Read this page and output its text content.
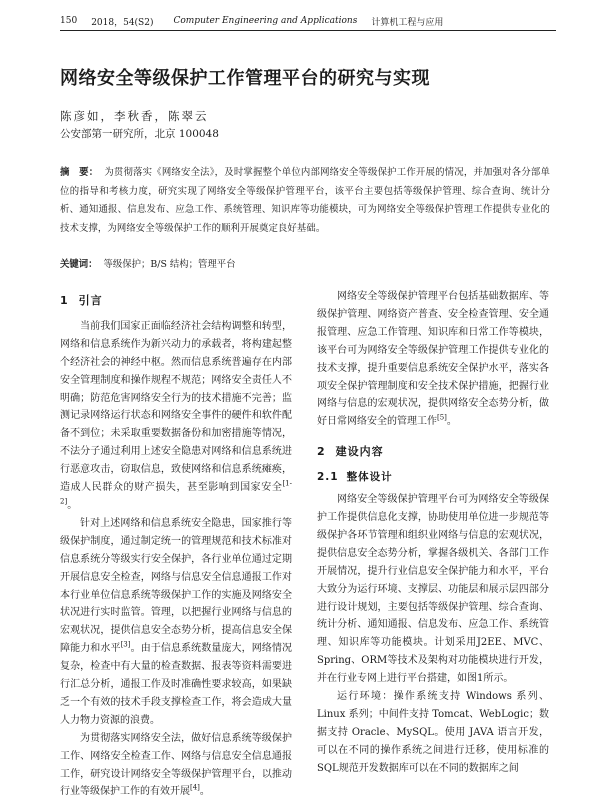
150 2018，54(S2) Computer Engineering and Applications 计算机工程与应用
网络安全等级保护工作管理平台的研究与实现
陈彦如，李秋香，陈翠云
公安部第一研究所，北京 100048
摘　要： 为贯彻落实《网络安全法》，及时掌握整个单位内部网络安全等级保护工作开展的情况，并加强对各分部单位的指导和考核力度，研究实现了网络安全等级保护管理平台，该平台主要包括等级保护管理、综合查询、统计分析、通知通报、信息发布、应急工作、系统管理、知识库等功能模块，可为网络安全等级保护管理工作提供专业化的技术支撑，为网络安全等级保护工作的顺利开展奠定良好基础。
关键词： 等级保护；B/S 结构；管理平台
1 引言

当前我们国家正面临经济社会结构调整和转型，网络和信息系统作为新兴动力的承载者，将构建起整个经济社会的神经中枢。然而信息系统普遍存在内部安全管理制度和操作规程不规范；网络安全责任人不明确；防范危害网络安全行为的技术措施不完善；监测记录网络运行状态和网络安全事件的硬件和软件配备不到位；未采取重要数据备份和加密措施等情况，不法分子通过利用上述安全隐患对网络和信息系统进行恶意攻击，窃取信息，致使网络和信息系统瘫痪，造成人民群众的财产损失，甚至影响到国家安全[1-2]。

针对上述网络和信息系统安全隐患，国家推行等级保护制度，通过制定统一的管理规范和技术标准对信息系统分等级实行安全保护，各行业单位通过定期开展信息安全检查，网络与信息安全信息通报工作对本行业单位信息系统等级保护工作的实施及网络安全状况进行实时监管。管理，以把握行业网络与信息的宏观状况，提供信息安全态势分析，提高信息安全保障能力和水平[3]。由于信息系统数量庞大，网络情况复杂，检查中有大量的检查数据、报表等资料需要进行汇总分析，通报工作及时准确性要求较高，如果缺乏一个有效的技术手段支撑检查工作，将会造成大量人力物力资源的浪费。

为贯彻落实网络安全法，做好信息系统等级保护工作、网络安全检查工作、网络与信息安全信息通报工作，研究设计网络安全等级保护管理平台，以推动行业等级保护工作的有效开展[4]。

网络安全等级保护管理平台包括基础数据库、等级保护管理、网络资产普查、安全检查管理、安全通报管理、应急工作管理、知识库和日常工作等模块，该平台可为网络安全等级保护管理工作提供专业化的技术支撑，提升重要信息系统安全保护水平，落实各项安全保护管理制度和安全技术保护措施，把握行业网络与信息的宏观状况，提供网络安全态势分析，做好日常网络安全的管理工作[5]。

2 建设内容
2.1 整体设计

网络安全等级保护管理平台可为网络安全等级保护工作提供信息化支撑，协助使用单位进一步规范等级保护各环节管理和组织业网络与信息的宏观状况，提供信息安全态势分析，掌握各级机关、各部门工作开展情况，提升行业信息安全保护能力和水平，平台大致分为运行环境、支撑层、功能层和展示层四部分进行设计规划，主要包括等级保护管理、综合查询、统计分析、通知通报、信息发布、应急工作、系统管理、知识库等功能模块。计划采用J2EE、MVC、Spring、ORM等技术及架构对功能模块进行开发，并在行业专网上进行平台搭建，如图1所示。

运行环境：操作系统支持 Windows 系列、Linux 系列；中间件支持 Tomcat、WebLogic；数据支持 Oracle、MySQL。使用 JAVA 语言开发，可以在不同的操作系统之间进行迁移，使用标准的SQL规范开发数据库可以在不同的数据库之间
